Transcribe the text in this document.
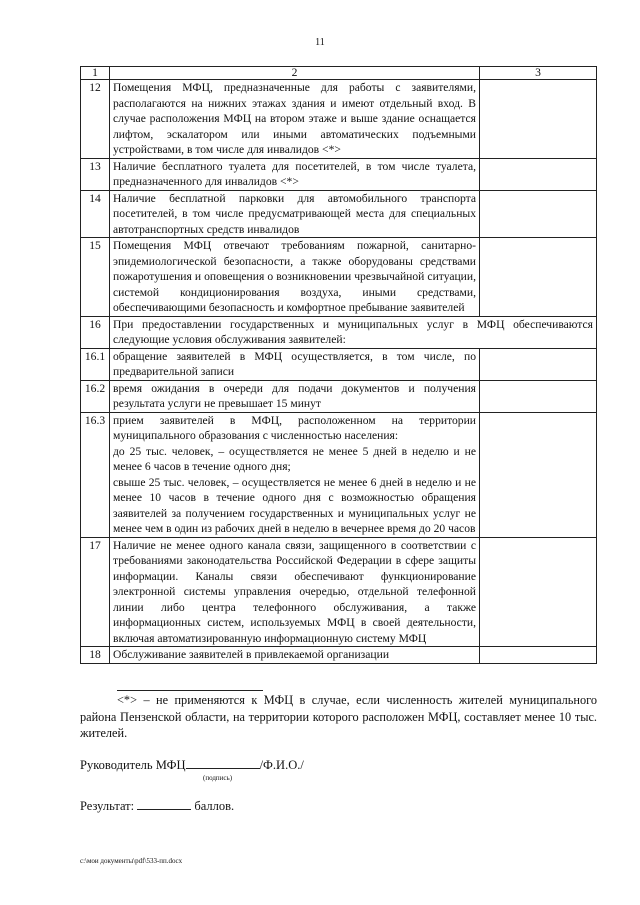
11
1	2	3
12	Помещения МФЦ, предназначенные для работы с заявителями, располагаются на нижних этажах здания и имеют отдельный вход. В случае расположения МФЦ на втором этаже и выше здание оснащается лифтом, эскалатором или иными автоматических подъемными устройствами, в том числе для инвалидов <*>	
13	Наличие бесплатного туалета для посетителей, в том числе туалета, предназначенного для инвалидов <*>	
14	Наличие бесплатной парковки для автомобильного транспорта посетителей, в том числе предусматривающей места для специальных автотранспортных средств инвалидов	
15	Помещения МФЦ отвечают требованиям пожарной, санитарно-эпидемиологической безопасности, а также оборудованы средствами пожаротушения и оповещения о возникновении чрезвычайной ситуации, системой кондиционирования воздуха, иными средствами, обеспечивающими безопасность и комфортное пребывание заявителей	
16	При предоставлении государственных и муниципальных услуг в МФЦ обеспечиваются следующие условия обслуживания заявителей:	
16.1	обращение заявителей в МФЦ осуществляется, в том числе, по предварительной записи	
16.2	время ожидания в очереди для подачи документов и получения результата услуги не превышает 15 минут	
16.3	прием заявителей в МФЦ, расположенном на территории муниципального образования с численностью населения:
до 25 тыс. человек, – осуществляется не менее 5 дней в неделю и не менее 6 часов в течение одного дня;
свыше 25 тыс. человек, – осуществляется не менее 6 дней в неделю и не менее 10 часов в течение одного дня с возможностью обращения заявителей за получением государственных и муниципальных услуг не менее чем в один из рабочих дней в неделю в вечернее время до 20 часов	
17	Наличие не менее одного канала связи, защищенного в соответствии с требованиями законодательства Российской Федерации в сфере защиты информации. Каналы связи обеспечивают функционирование электронной системы управления очередью, отдельной телефонной линии либо центра телефонного обслуживания, а также информационных систем, используемых МФЦ в своей деятельности, включая автоматизированную информационную систему МФЦ	
18	Обслуживание заявителей в привлекаемой организации	

<*> – не применяются к МФЦ в случае, если численность жителей муниципального района Пензенской области, на территории которого расположен МФЦ, составляет менее 10 тыс. жителей.

Руководитель МФЦ	/Ф.И.О./
(подпись)
Результат:	баллов.
c:\мои документы\pdf\533-пп.docx
